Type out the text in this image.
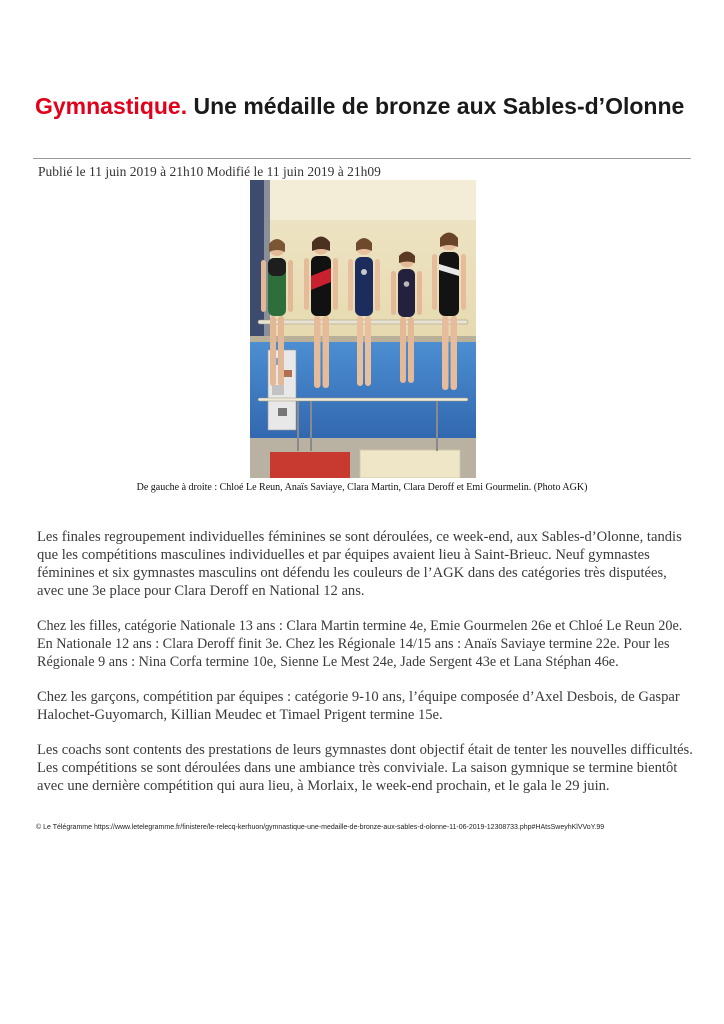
Gymnastique. Une médaille de bronze aux Sables-d’Olonne
Publié le 11 juin 2019 à 21h10 Modifié le 11 juin 2019 à 21h09
De gauche à droite : Chloé Le Reun, Anaïs Saviaye, Clara Martin, Clara Deroff et Emi Gourmelin. (Photo AGK)

Les finales regroupement individuelles féminines se sont déroulées, ce week-end, aux Sables-d’Olonne, tandis que les compétitions masculines individuelles et par équipes avaient lieu à Saint-Brieuc. Neuf gymnastes féminines et six gymnastes masculins ont défendu les couleurs de l’AGK dans des catégories très disputées, avec une 3e place pour Clara Deroff en National 12 ans.

Chez les filles, catégorie Nationale 13 ans : Clara Martin termine 4e, Emie Gourmelen 26e et Chloé Le Reun 20e. En Nationale 12 ans : Clara Deroff finit 3e. Chez les Régionale 14/15 ans : Anaïs Saviaye termine 22e. Pour les Régionale 9 ans : Nina Corfa termine 10e, Sienne Le Mest 24e, Jade Sergent 43e et Lana Stéphan 46e.

Chez les garçons, compétition par équipes : catégorie 9-10 ans, l’équipe composée d’Axel Desbois, de Gaspar Halochet-Guyomarch, Killian Meudec et Timael Prigent termine 15e.

Les coachs sont contents des prestations de leurs gymnastes dont objectif était de tenter les nouvelles difficultés. Les compétitions se sont déroulées dans une ambiance très conviviale. La saison gymnique se termine bientôt avec une dernière compétition qui aura lieu, à Morlaix, le week-end prochain, et le gala le 29 juin.

© Le Télégramme https://www.letelegramme.fr/finistere/le-relecq-kerhuon/gymnastique-une-medaille-de-bronze-aux-sables-d-olonne-11-06-2019-12308733.php#HAtsSweyhKlVVoY.99
